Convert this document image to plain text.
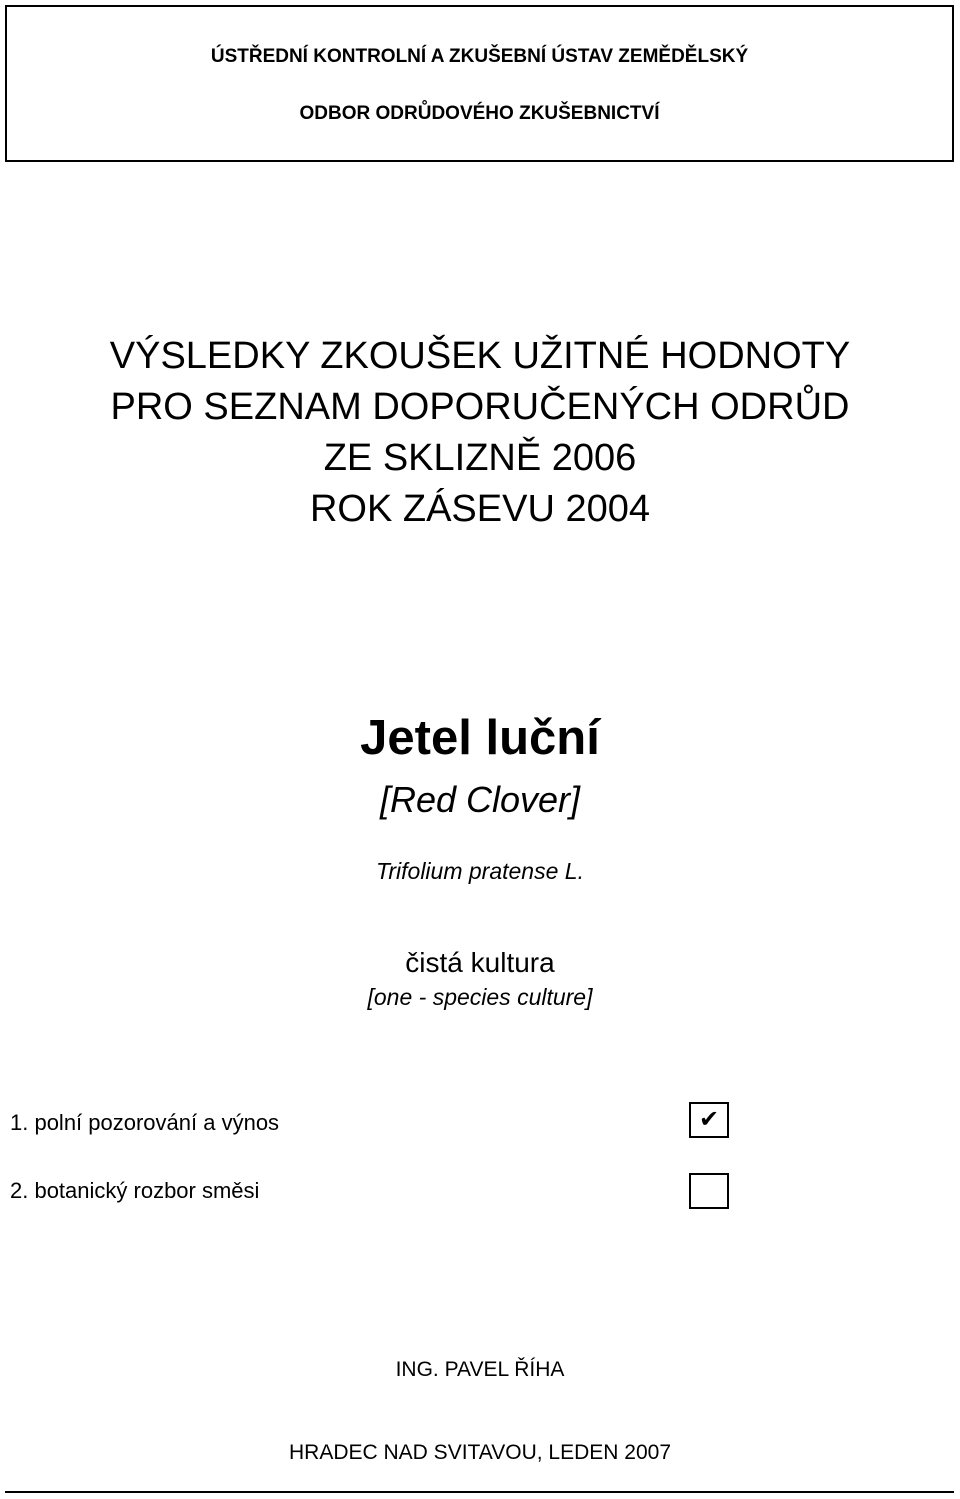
ÚSTŘEDNÍ KONTROLNÍ A ZKUŠEBNÍ ÚSTAV ZEMĚDĚLSKÝ
ODBOR ODRŮDOVÉHO ZKUŠEBNICTVÍ
VÝSLEDKY ZKOUŠEK UŽITNÉ HODNOTY
PRO SEZNAM DOPORUČENÝCH ODRŮD
ZE SKLIZNĚ 2006
ROK ZÁSEVU 2004
Jetel luční
[Red Clover]
Trifolium pratense L.
čistá kultura
[one - species culture]
1. polní pozorování a výnos	✔
2. botanický rozbor směsi
ING. PAVEL ŘÍHA
HRADEC NAD SVITAVOU, LEDEN 2007
